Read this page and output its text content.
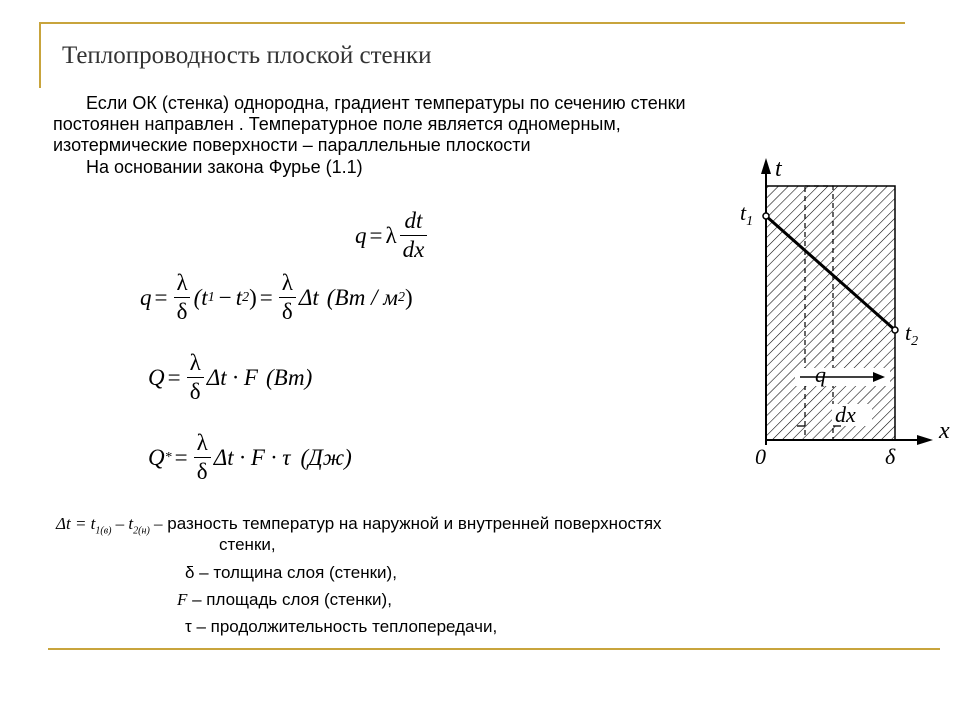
Теплопроводность плоской стенки
Если ОК (стенка) однородна, градиент температуры по сечению стенки
постоянен направлен . Температурное поле является одномерным,
изотермические поверхности – параллельные плоскости
На основании закона Фурье (1.1)
q = λ $\frac{dt}{dx}$
$q = \frac{\lambda}{\delta} (t$ 1 − t 2 ) = $\frac{\lambda}{\delta}$ Δt (Вт / м 2 )
$Q = \frac{\lambda}{\delta}$ Δt · F (Вт)
Q * = $\frac{\lambda}{\delta}$ Δt · F · τ (Дж)
$\Delta t = t_{1(в)} - t_{2(н)}$ – разность температур на наружной и внутренней поверхностях
стенки,
δ – толщина слоя (стенки),
F – площадь слоя (стенки),
τ – продолжительность теплопередачи,
t
x
$t_1$
$t_2$
q
dx
0	δ
